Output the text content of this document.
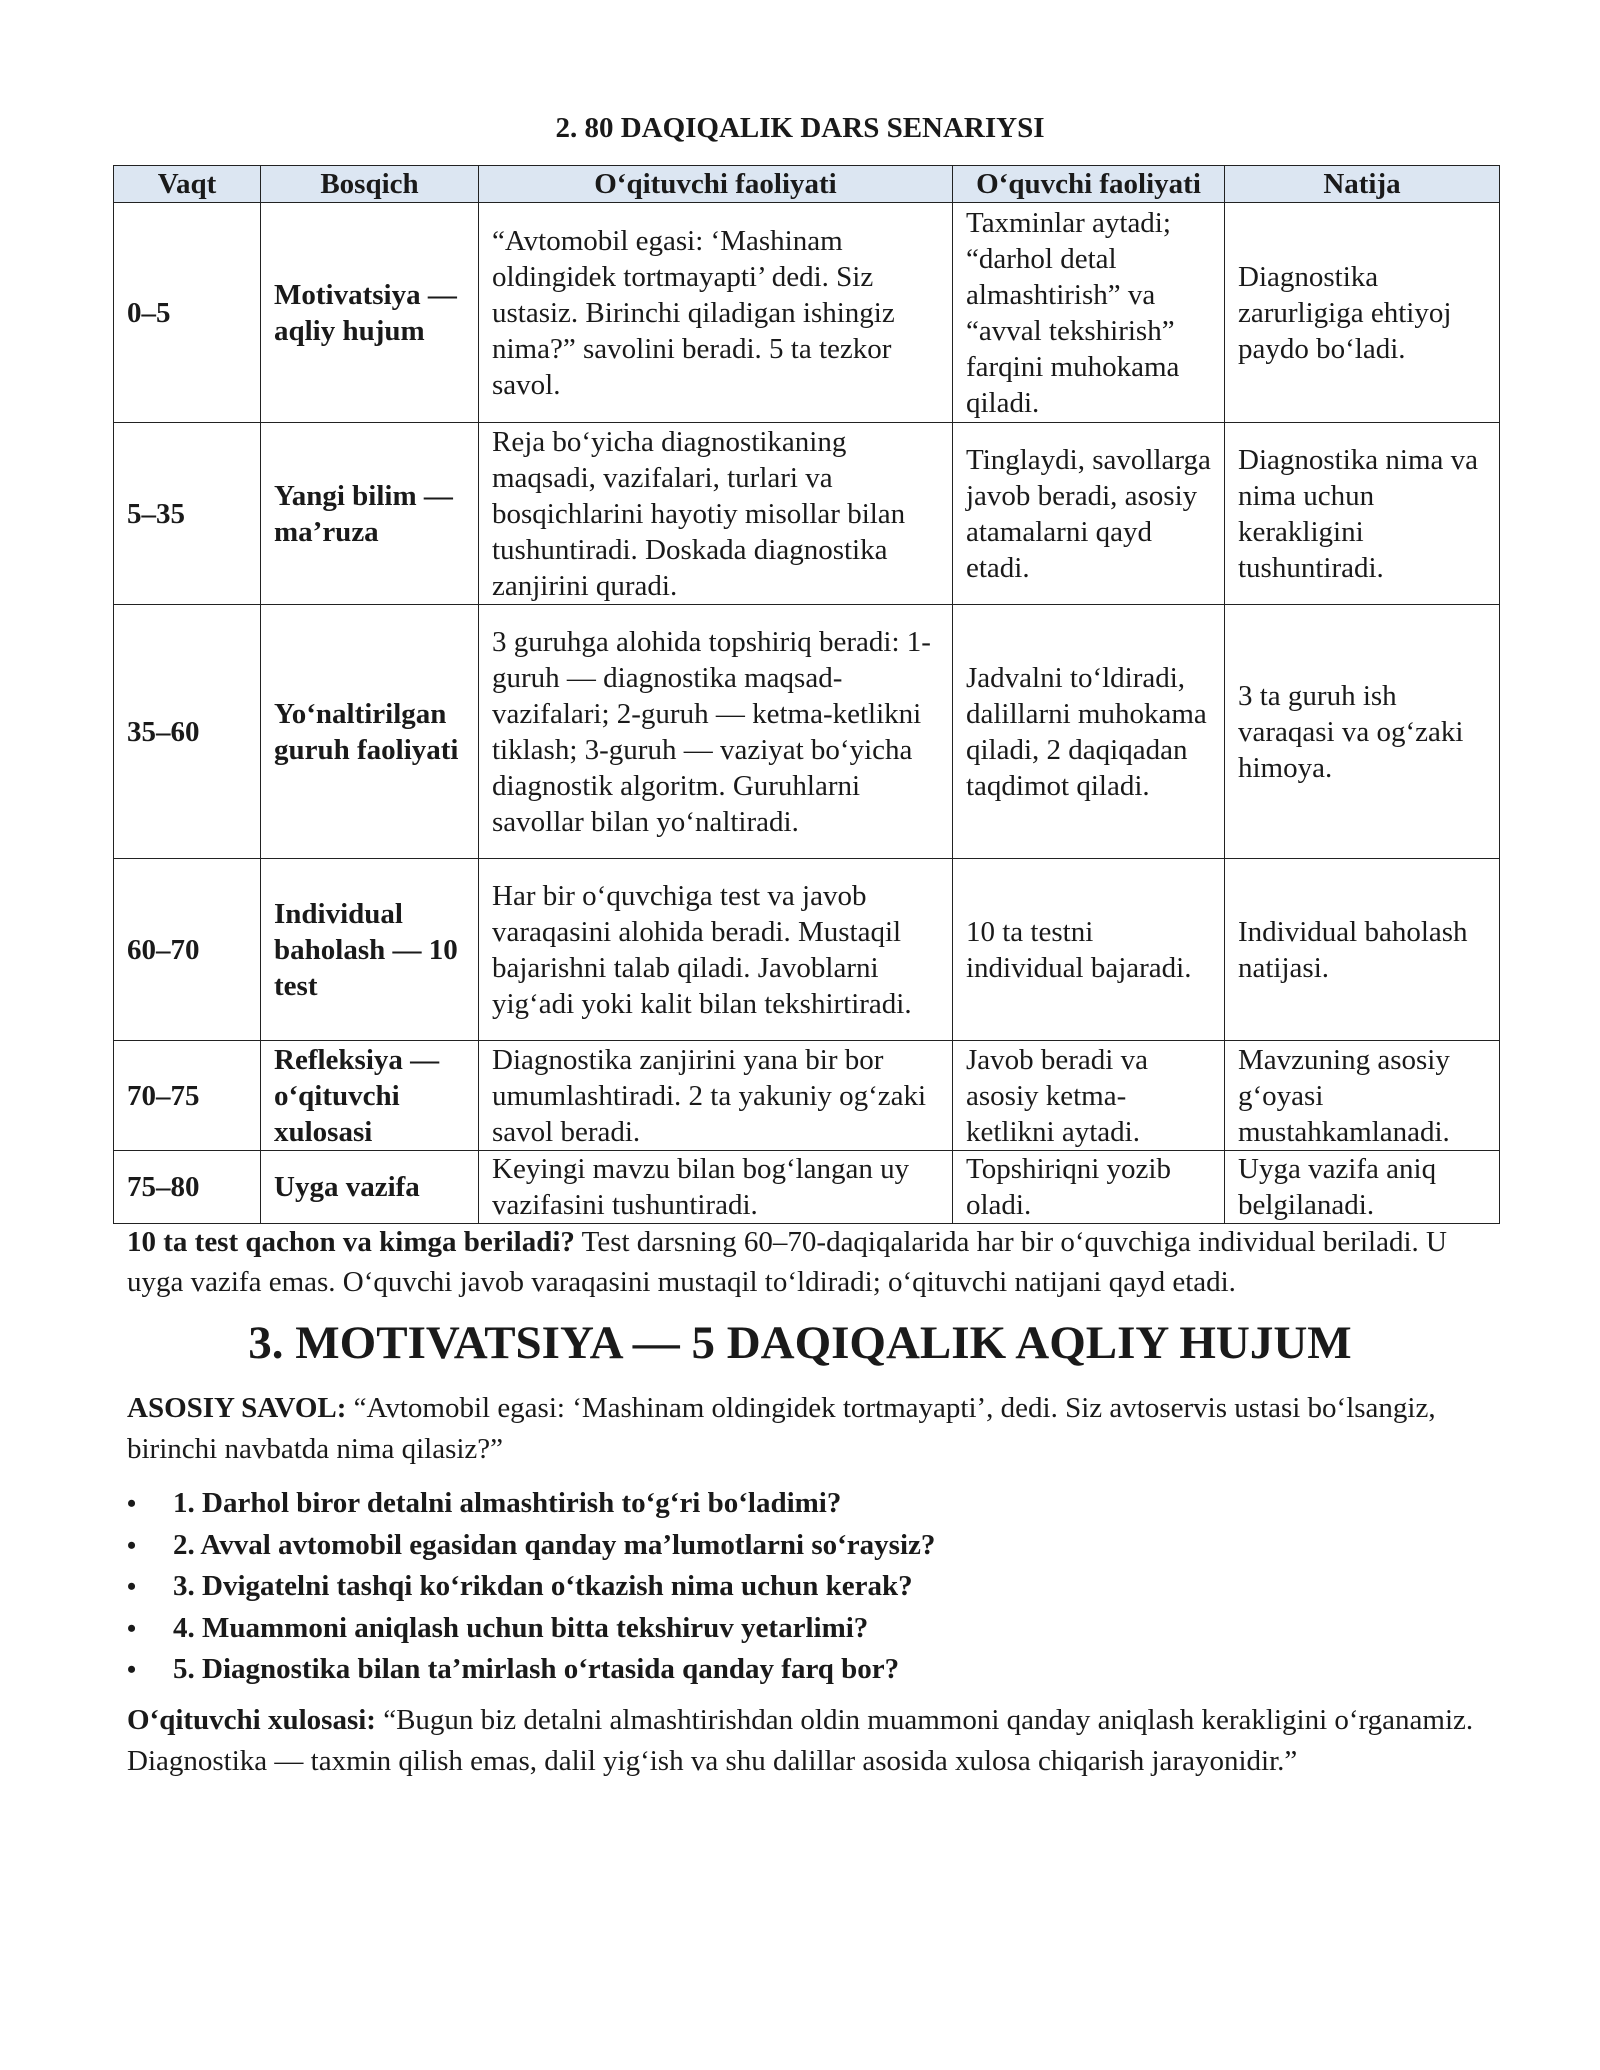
2. 80 DAQIQALIK DARS SENARIYSI
Vaqt	Bosqich	O‘qituvchi faoliyati	O‘quvchi faoliyati	Natija
0–5	Motivatsiya — aqliy hujum	“Avtomobil egasi: ‘Mashinam oldingidek tortmayapti’ dedi. Siz ustasiz. Birinchi qiladigan ishingiz nima?” savolini beradi. 5 ta tezkor savol.	Taxminlar aytadi; “darhol detal almashtirish” va “avval tekshirish” farqini muhokama qiladi.	Diagnostika zarurligiga ehtiyoj paydo bo‘ladi.
5–35	Yangi bilim — ma’ruza	Reja bo‘yicha diagnostikaning maqsadi, vazifalari, turlari va bosqichlarini hayotiy misollar bilan tushuntiradi. Doskada diagnostika zanjirini quradi.	Tinglaydi, savollarga javob beradi, asosiy atamalarni qayd etadi.	Diagnostika nima va nima uchun kerakligini tushuntiradi.
35–60	Yo‘naltirilgan guruh faoliyati	3 guruhga alohida topshiriq beradi: 1-guruh — diagnostika maqsad-vazifalari; 2-guruh — ketma-ketlikni tiklash; 3-guruh — vaziyat bo‘yicha diagnostik algoritm. Guruhlarni savollar bilan yo‘naltiradi.	Jadvalni to‘ldiradi, dalillarni muhokama qiladi, 2 daqiqadan taqdimot qiladi.	3 ta guruh ish varaqasi va og‘zaki himoya.
60–70	Individual baholash — 10 test	Har bir o‘quvchiga test va javob varaqasini alohida beradi. Mustaqil bajarishni talab qiladi. Javoblarni yig‘adi yoki kalit bilan tekshirtiradi.	10 ta testni individual bajaradi.	Individual baholash natijasi.
70–75	Refleksiya — o‘qituvchi xulosasi	Diagnostika zanjirini yana bir bor umumlashtiradi. 2 ta yakuniy og‘zaki savol beradi.	Javob beradi va asosiy ketma-ketlikni aytadi.	Mavzuning asosiy g‘oyasi mustahkamlanadi.
75–80	Uyga vazifa	Keyingi mavzu bilan bog‘langan uy vazifasini tushuntiradi.	Topshiriqni yozib oladi.	Uyga vazifa aniq belgilanadi.

10 ta test qachon va kimga beriladi? Test darsning 60–70-daqiqalarida har bir o‘quvchiga individual beriladi. U uyga vazifa emas. O‘quvchi javob varaqasini mustaqil to‘ldiradi; o‘qituvchi natijani qayd etadi.

3. MOTIVATSIYA — 5 DAQIQALIK AQLIY HUJUM

ASOSIY SAVOL: “Avtomobil egasi: ‘Mashinam oldingidek tortmayapti’, dedi. Siz avtoservis ustasi bo‘lsangiz, birinchi navbatda nima qilasiz?”

• 1. Darhol biror detalni almashtirish to‘g‘ri bo‘ladimi?
• 2. Avval avtomobil egasidan qanday ma’lumotlarni so‘raysiz?
• 3. Dvigatelni tashqi ko‘rikdan o‘tkazish nima uchun kerak?
• 4. Muammoni aniqlash uchun bitta tekshiruv yetarlimi?
• 5. Diagnostika bilan ta’mirlash o‘rtasida qanday farq bor?

O‘qituvchi xulosasi: “Bugun biz detalni almashtirishdan oldin muammoni qanday aniqlash kerakligini o‘rganamiz. Diagnostika — taxmin qilish emas, dalil yig‘ish va shu dalillar asosida xulosa chiqarish jarayonidir.”
